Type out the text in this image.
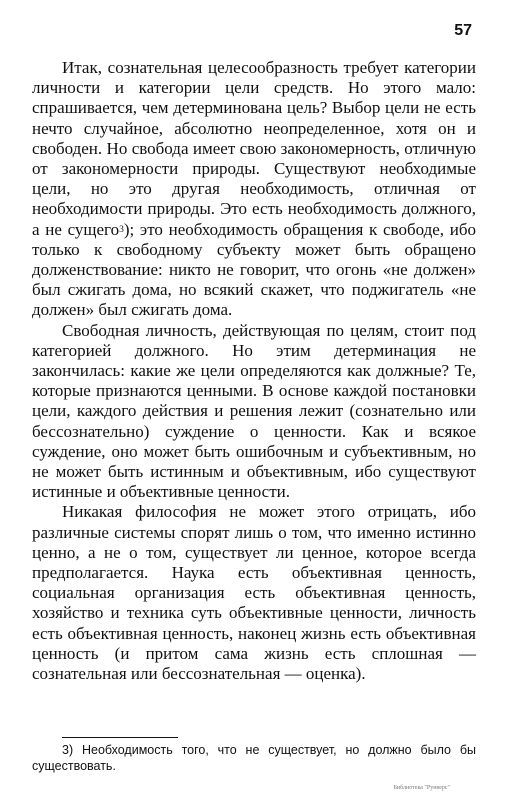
57

Итак, сознательная целесообразность требует категории личности и категории цели средств. Но этого мало: спрашивается, чем детерминована цель? Выбор цели не есть нечто случайное, абсолютно неопределенное, хотя он и свободен. Но свобода имеет свою закономерность, отличную от закономерности природы. Существуют необходимые цели, но это другая необходимость, отличная от необходимости природы. Это есть необходимость должного, а не сущего$^3$); это необходимость обращения к свободе, ибо только к свободному субъекту может быть обращено долженствование: никто не говорит, что огонь «не должен» был сжигать дома, но всякий скажет, что поджигатель «не должен» был сжигать дома.

Свободная личность, действующая по целям, стоит под категорией должного. Но этим детерминация не закончилась: какие же цели определяются как должные? Те, которые признаются ценными. В основе каждой постановки цели, каждого действия и решения лежит (сознательно или бессознательно) суждение о ценности. Как и всякое суждение, оно может быть ошибочным и субъективным, но не может быть истинным и объективным, ибо существуют истинные и объективные ценности.

Никакая философия не может этого отрицать, ибо различные системы спорят лишь о том, что именно истинно ценно, а не о том, существует ли ценное, которое всегда предполагается. Наука есть объективная ценность, социальная организация есть объективная ценность, хозяйство и техника суть объективные ценности, личность есть объективная ценность, наконец жизнь есть объективная ценность (и притом сама жизнь есть сплошная — сознательная или бессознательная — оценка).

3) Необходимость того, что не существует, но должно было бы существовать.
Библиотека "Рунверс"
